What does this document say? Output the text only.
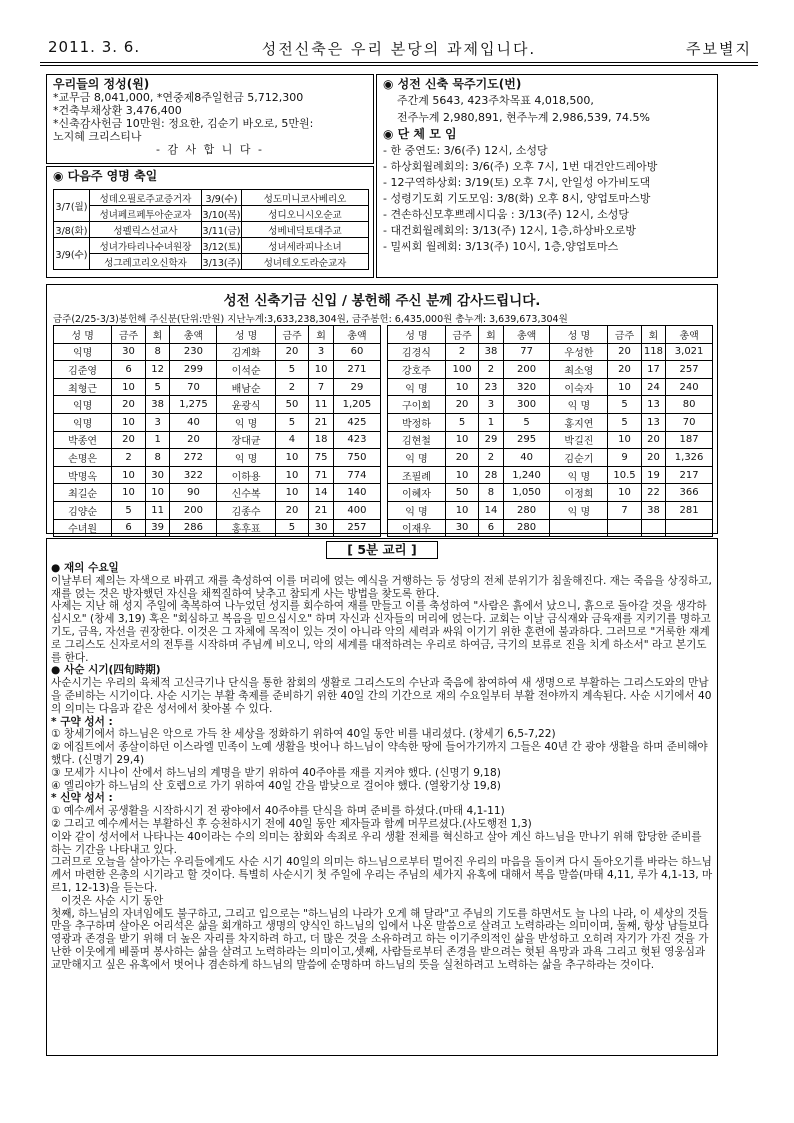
2011. 3. 6.	성전신축은 우리 본당의 과제입니다.	주보별지
우리들의 정성(원)
*교무금 8,041,000, *연중제8주일헌금 5,712,300
*건축부채상환 3,476,400
*신축감사헌금 10만원: 정요한, 김순기 바오로, 5만원:
노지혜 크리스티나
- 감 사 합 니 다 -
◉ 다음주 영명 축일
3/7(월)	성데오필로주교증거자	3/9(수)	성도미니코사베리오
	성녀페르페투아순교자	3/10(목)	성디오니시오순교
3/8(화)	성펠릭스선교사	3/11(금)	성베네딕토대주교
3/9(수)	성녀가타리나수녀원장	3/12(토)	성녀세라피나소녀
	성그레고리오신학자	3/13(주)	성녀테오도라순교자
◉ 성전 신축 묵주기도(번)
주간계 5643, 423주차목표 4,018,500,
전주누계 2,980,891, 현주누계 2,986,539, 74.5%
◉ 단 체 모 임
- 한 중연도: 3/6(주) 12시, 소성당
- 하상회월례회의: 3/6(주) 오후 7시, 1번 대건안드레아방
- 12구역하상회: 3/19(토) 오후 7시, 안일성 아가비도댁
- 성령기도회 기도모임: 3/8(화) 오후 8시, 양업토마스방
- 견손하신모후쁘레시디움 : 3/13(주) 12시, 소성당
- 대건회월례회의: 3/13(주) 12시, 1층,하상바오로방
- 밀씨회 월례회: 3/13(주) 10시, 1층,양업토마스
성전 신축기금 신입 / 봉헌해 주신 분께 감사드립니다.
금주(2/25-3/3)봉헌해 주신분(단위:만원) 지난누계:3,633,238,304원, 금주봉헌: 6,435,000원 총누계: 3,639,673,304원
성 명	금주	회	총액	성 명	금주	회	총액
익명	30	8	230	김계화	20	3	60
김준영	6	12	299	이석순	5	10	271
최형근	10	5	70	배남순	2	7	29
익명	20	38	1,275	윤광식	50	11	1,205
익명	10	3	40	익 명	5	21	425
박종연	20	1	20	장대균	4	18	423
손명은	2	8	272	익 명	10	75	750
박명옥	10	30	322	이하용	10	71	774
최길순	10	10	90	신수복	10	14	140
김양순	5	11	200	김종수	20	21	400
수녀원	6	39	286	홍후표	5	30	257
성 명	금주	회	총액	성 명	금주	회	총액
김경식	2	38	77	우성한	20	118	3,021
강호주	100	2	200	최소영	20	17	257
익 명	10	23	320	이숙자	10	24	240
구이회	20	3	300	익 명	5	13	80
박정하	5	1	5	홍지연	5	13	70
김현철	10	29	295	박길진	10	20	187
익 명	20	2	40	김순기	9	20	1,326
조필례	10	28	1,240	익 명	10.5	19	217
이혜자	50	8	1,050	이정희	10	22	366
익 명	10	14	280	익 명	7	38	281
이재우	30	6	280				
[ 5분 교리 ]

● 재의 수요일

이날부터 제의는 자색으로 바뀌고 재를 축성하여 이를 머리에 얹는 예식을 거행하는 등 성당의 전체 분위기가 침울해진다. 재는 죽음을 상징하고, 재를 얹는 것은 방자했던 자신을 채찍질하여 낮추고 참되게 사는 방법을 찾도록 한다.

사제는 지난 해 성지 주일에 축복하여 나누었던 성지를 회수하여 재를 만들고 이를 축성하여 "사람은 흙에서 났으니, 흙으로 돌아갈 것을 생각하십시오" (창세 3,19) 혹은 "회심하고 복음을 믿으십시오" 하며 자신과 신자들의 머리에 얹는다. 교회는 이날 금식재와 금육재를 지키기를 명하고 기도, 금욕, 자선을 권장한다. 이것은 그 자체에 목적이 있는 것이 아니라 악의 세력과 싸워 이기기 위한 훈련에 불과하다. 그러므로 "거룩한 재계로 그리스도 신자로서의 전투를 시작하며 주님께 비오니, 악의 세계를 대적하려는 우리로 하여금, 극기의 보류로 진을 치게 하소서" 라고 본기도를 한다.

● 사순 시기(四旬時期)

사순시기는 우리의 육체적 고신극기나 단식을 통한 참회의 생활로 그리스도의 수난과 죽음에 참여하여 새 생명으로 부활하는 그리스도와의 만남을 준비하는 시기이다. 사순 시기는 부활 축제를 준비하기 위한 40일 간의 기간으로 재의 수요일부터 부활 전야까지 계속된다. 사순 시기에서 40의 의미는 다음과 같은 성서에서 찾아볼 수 있다.

* 구약 성서 :

① 창세기에서 하느님은 악으로 가득 찬 세상을 정화하기 위하여 40일 동안 비를 내리셨다. (창세기 6,5-7,22)

② 에집트에서 종살이하던 이스라엘 민족이 노예 생활을 벗어나 하느님이 약속한 땅에 들어가기까지 그들은 40년 간 광야 생활을 하며 준비해야 했다. (신명기 29,4)

③ 모세가 시나이 산에서 하느님의 계명을 받기 위하여 40주야를 재를 지켜야 했다. (신명기 9,18)

④ 엘리야가 하느님의 산 호렙으로 가기 위하여 40일 간을 밤낮으로 걸어야 했다. (열왕기상 19,8)

* 신약 성서 :

① 예수께서 공생활을 시작하시기 전 광야에서 40주야를 단식을 하며 준비를 하셨다.(마태 4,1-11)

② 그리고 예수께서는 부활하신 후 승천하시기 전에 40일 동안 제자들과 함께 머무르셨다.(사도행전 1,3)

이와 같이 성서에서 나타나는 40이라는 수의 의미는 참회와 속죄로 우리 생활 전체를 혁신하고 살아 계신 하느님을 만나기 위해 합당한 준비를 하는 기간을 나타내고 있다.

그러므로 오늘을 살아가는 우리들에게도 사순 시기 40일의 의미는 하느님으로부터 멀어진 우리의 마음을 돌이켜 다시 돌아오기를 바라는 하느님께서 마련한 은총의 시기라고 할 것이다. 특별히 사순시기 첫 주일에 우리는 주님의 세가지 유혹에 대해서 복음 말씀(마태 4,11, 루가 4,1-13, 마르1, 12-13)을 듣는다.

이것은 사순 시기 동안

첫째, 하느님의 자녀임에도 불구하고, 그리고 입으로는 "하느님의 나라가 오게 해 달라"고 주님의 기도를 하면서도 늘 나의 나라, 이 세상의 것들만을 추구하며 살아온 어리석은 삶을 회개하고 생명의 양식인 하느님의 입에서 나온 말씀으로 살려고 노력하라는 의미이며, 둘째, 항상 남들보다 영광과 존경을 받기 위해 더 높은 자리를 차지하려 하고, 더 많은 것을 소유하려고 하는 이기주의적인 삶을 반성하고 오히려 자기가 가진 것을 가난한 이웃에게 베풀며 봉사하는 삶을 살려고 노력하라는 의미이고,셋째, 사람들로부터 존경을 받으려는 헛된 욕망과 과욕 그리고 헛된 영웅심과 교만해지고 싶은 유혹에서 벗어나 겸손하게 하느님의 말씀에 순명하며 하느님의 뜻을 실천하려고 노력하는 삶을 추구하라는 것이다.
